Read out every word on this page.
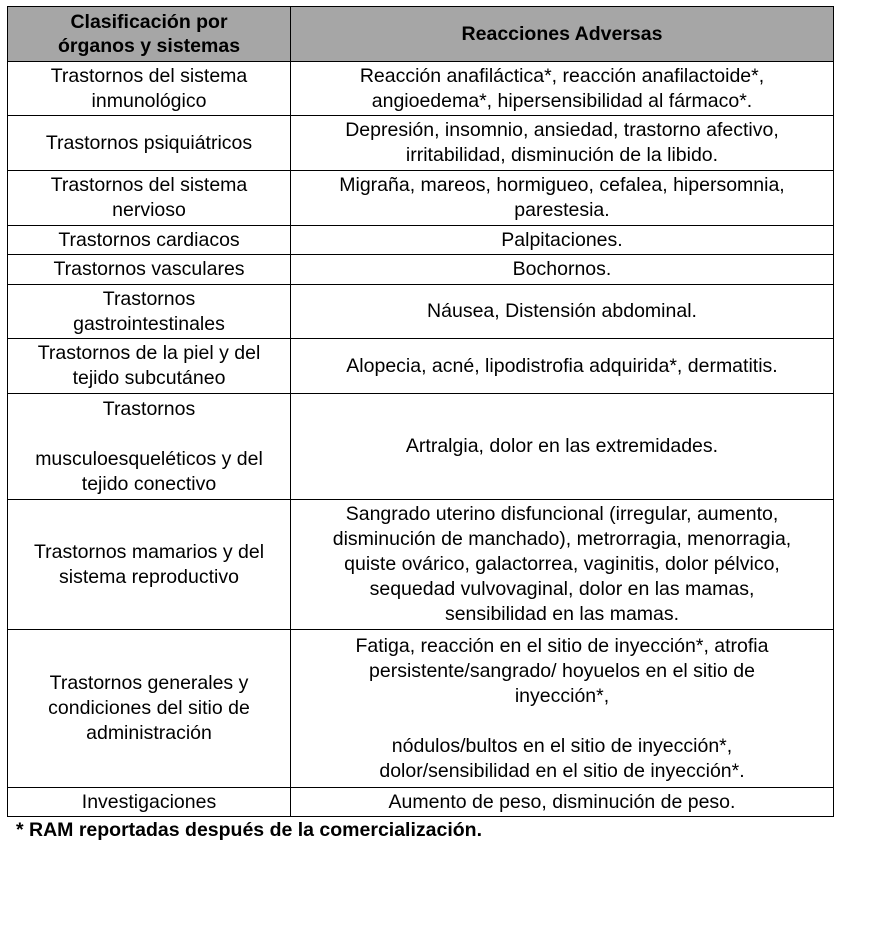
Clasificación por
órganos y sistemas	Reacciones Adversas
Trastornos del sistema
inmunológico	Reacción anafiláctica*, reacción anafilactoide*,
angioedema*, hipersensibilidad al fármaco*.
Trastornos psiquiátricos	Depresión, insomnio, ansiedad, trastorno afectivo,
irritabilidad, disminución de la libido.
Trastornos del sistema
nervioso	Migraña, mareos, hormigueo, cefalea, hipersomnia,
parestesia.
Trastornos cardiacos	Palpitaciones.
Trastornos vasculares	Bochornos.
Trastornos
gastrointestinales	Náusea, Distensión abdominal.
Trastornos de la piel y del
tejido subcutáneo	Alopecia, acné, lipodistrofia adquirida*, dermatitis.
Trastornos

musculoesqueléticos y del
tejido conectivo	Artralgia, dolor en las extremidades.
Trastornos mamarios y del
sistema reproductivo	Sangrado uterino disfuncional (irregular, aumento,
disminución de manchado), metrorragia, menorragia,
quiste ovárico, galactorrea, vaginitis, dolor pélvico,
sequedad vulvovaginal, dolor en las mamas,
sensibilidad en las mamas.
Trastornos generales y
condiciones del sitio de
administración	Fatiga, reacción en el sitio de inyección*, atrofia
persistente/sangrado/ hoyuelos en el sitio de
inyección*,

nódulos/bultos en el sitio de inyección*,
dolor/sensibilidad en el sitio de inyección*.
Investigaciones	Aumento de peso, disminución de peso.
* RAM reportadas después de la comercialización.
